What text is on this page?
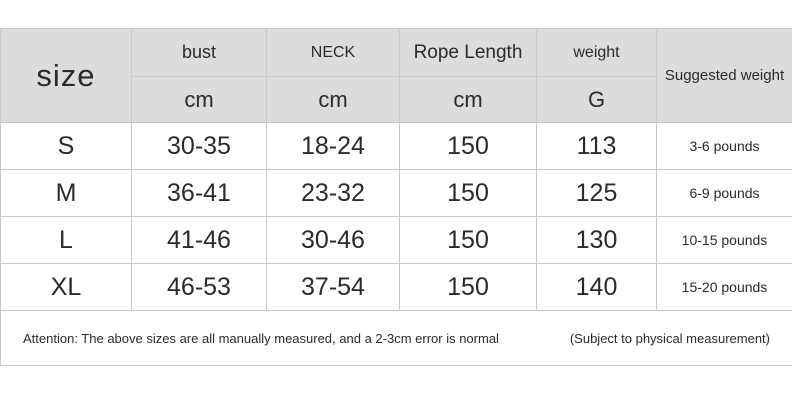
size	bust	NECK	Rope Length	weight	Suggested weight
	cm	cm	cm	G	
S	30-35	18-24	150	113	3-6 pounds
M	36-41	23-32	150	125	6-9 pounds
L	41-46	30-46	150	130	10-15 pounds
XL	46-53	37-54	150	140	15-20 pounds

Attention: The above sizes are all manually measured, and a 2-3cm error is normal (Subject to physical measurement)					
